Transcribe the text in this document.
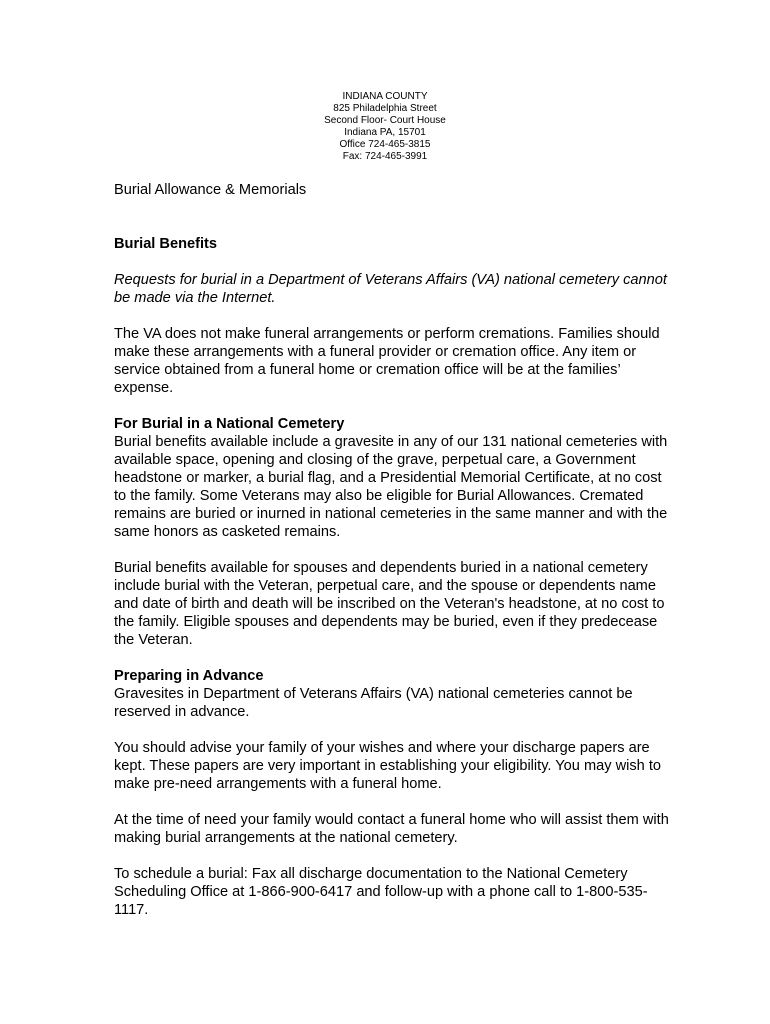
INDIANA COUNTY
825 Philadelphia Street
Second Floor- Court House
Indiana PA, 15701
Office 724-465-3815
Fax: 724-465-3991
Burial Allowance & Memorials
Burial Benefits

Requests for burial in a Department of Veterans Affairs (VA) national cemetery cannot be made via the Internet.

The VA does not make funeral arrangements or perform cremations. Families should make these arrangements with a funeral provider or cremation office. Any item or service obtained from a funeral home or cremation office will be at the families’ expense.

For Burial in a National Cemetery

Burial benefits available include a gravesite in any of our 131 national cemeteries with available space, opening and closing of the grave, perpetual care, a Government headstone or marker, a burial flag, and a Presidential Memorial Certificate, at no cost to the family. Some Veterans may also be eligible for Burial Allowances. Cremated remains are buried or inurned in national cemeteries in the same manner and with the same honors as casketed remains.

Burial benefits available for spouses and dependents buried in a national cemetery include burial with the Veteran, perpetual care, and the spouse or dependents name and date of birth and death will be inscribed on the Veteran's headstone, at no cost to the family. Eligible spouses and dependents may be buried, even if they predecease the Veteran.

Preparing in Advance

Gravesites in Department of Veterans Affairs (VA) national cemeteries cannot be reserved in advance.

You should advise your family of your wishes and where your discharge papers are kept. These papers are very important in establishing your eligibility. You may wish to make pre-need arrangements with a funeral home.

At the time of need your family would contact a funeral home who will assist them with making burial arrangements at the national cemetery.

To schedule a burial: Fax all discharge documentation to the National Cemetery Scheduling Office at 1-866-900-6417 and follow-up with a phone call to 1-800-535-1117.
